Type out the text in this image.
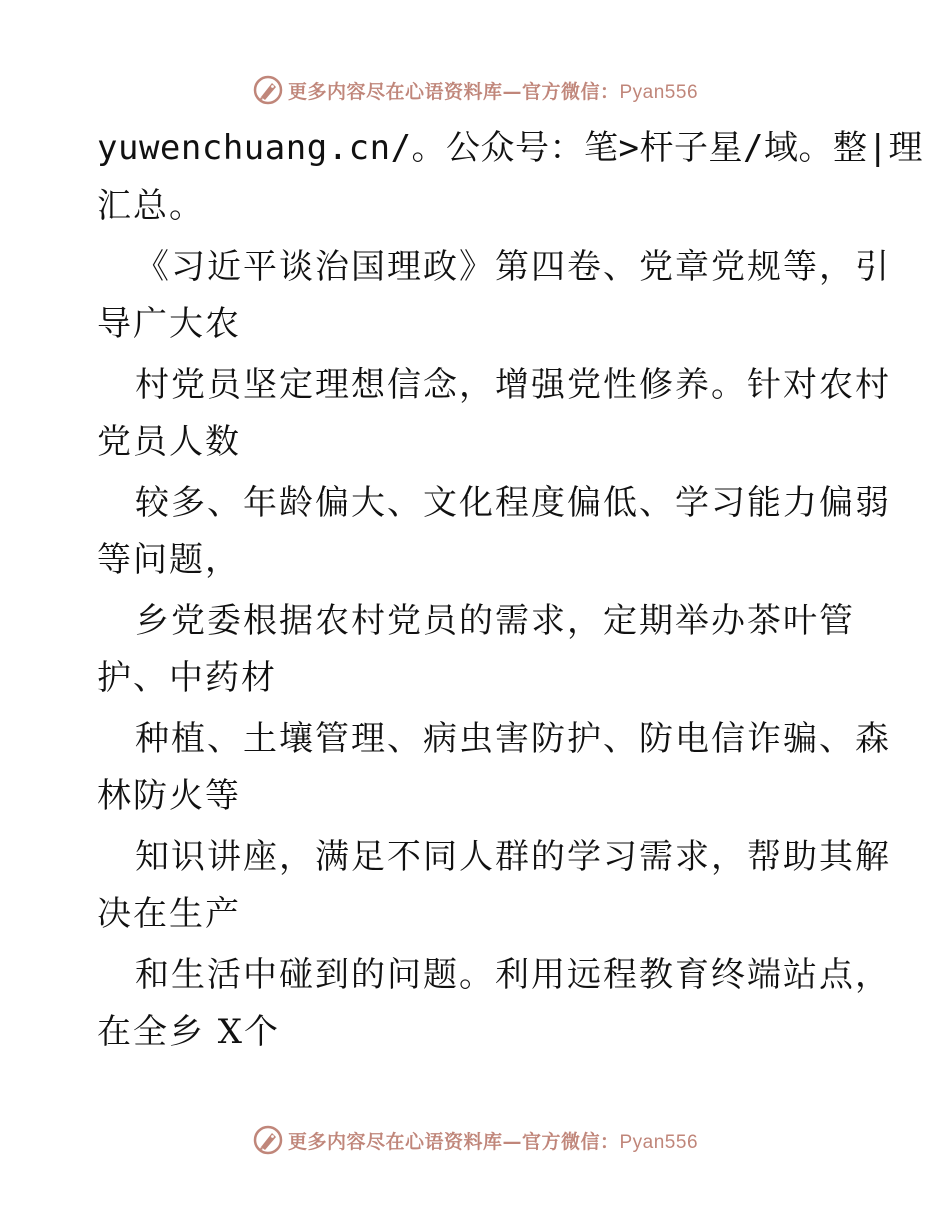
更多内容尽在心语资料库—官方微信：Pyan556
yuwenchuang.cn/。公众号：笔>杆子星/域。整|理
汇总。
《习近平谈治国理政》第四卷、党章党规等，引
导广大农
村党员坚定理想信念，增强党性修养。针对农村
党员人数
较多、年龄偏大、文化程度偏低、学习能力偏弱
等问题，
乡党委根据农村党员的需求，定期举办茶叶管
护、中药材
种植、土壤管理、病虫害防护、防电信诈骗、森
林防火等
知识讲座，满足不同人群的学习需求，帮助其解
决在生产
和生活中碰到的问题。利用远程教育终端站点，
在全乡 X个
更多内容尽在心语资料库—官方微信：Pyan556
